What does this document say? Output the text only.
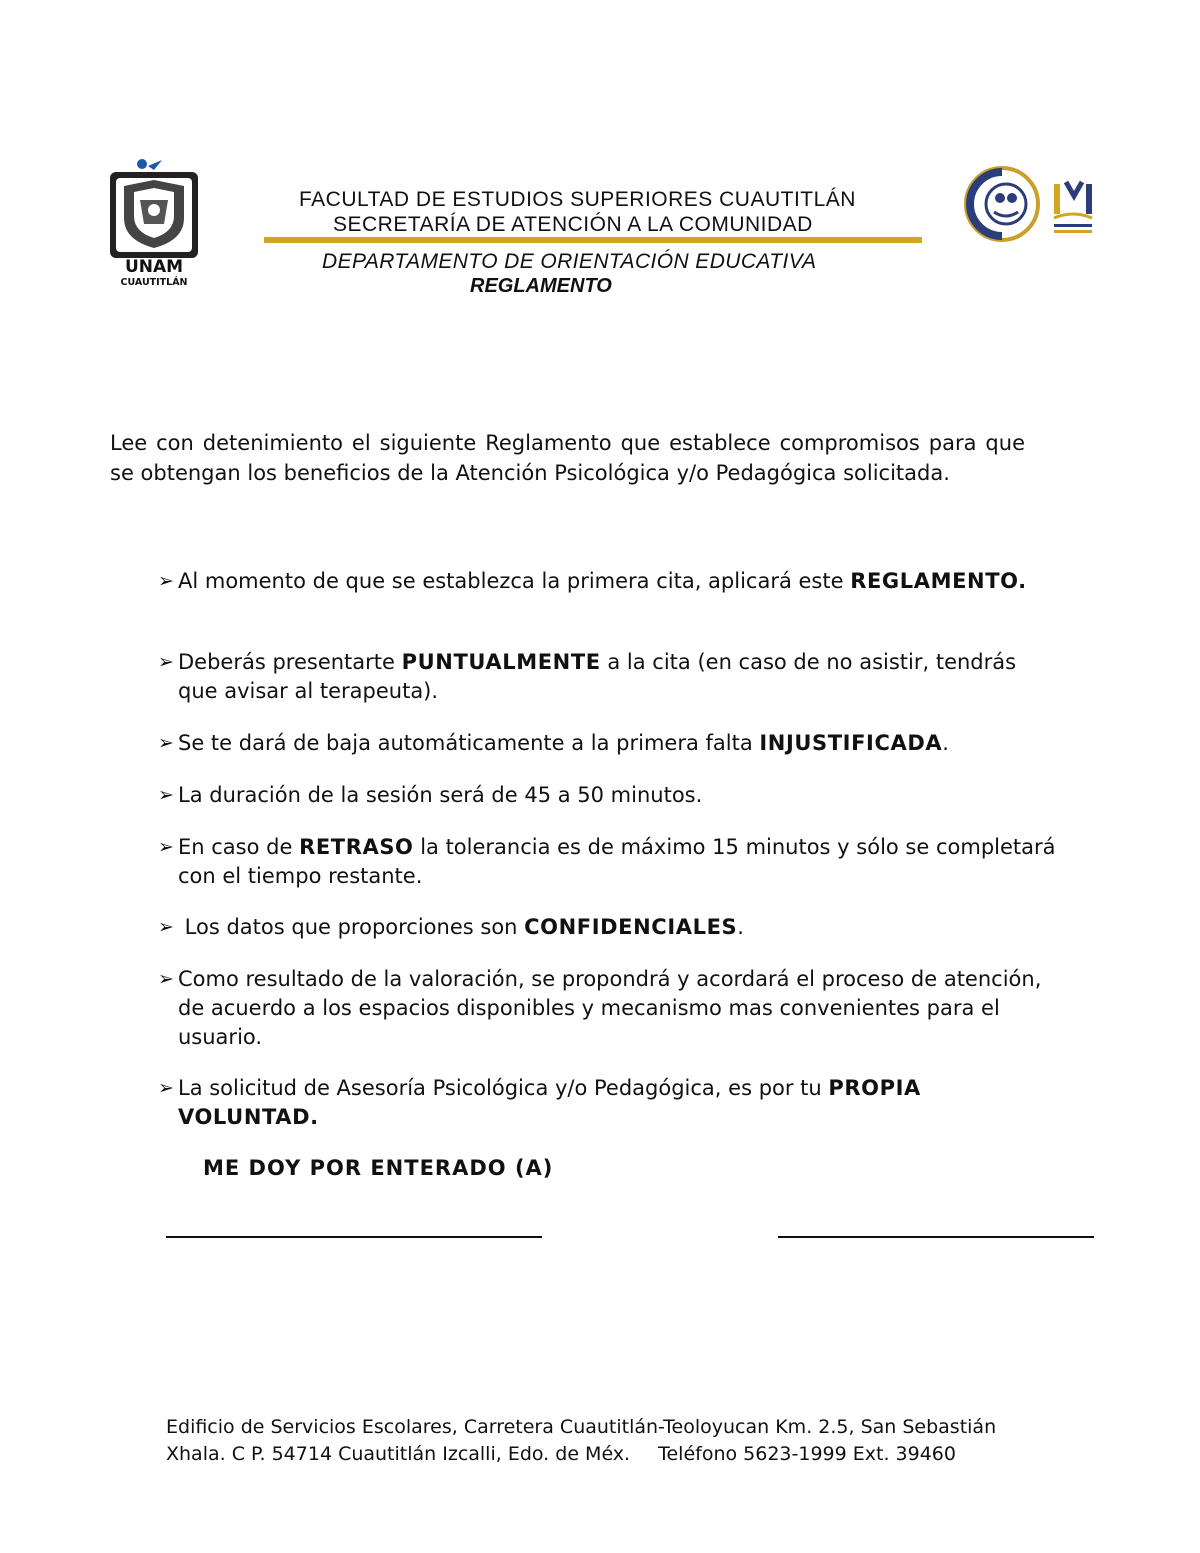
UNAM
CUAUTITLÁN
FACULTAD DE ESTUDIOS SUPERIORES CUAUTITLÁN
SECRETARÍA DE ATENCIÓN A LA COMUNIDAD
DEPARTAMENTO DE ORIENTACIÓN EDUCATIVA
REGLAMENTO
Lee con detenimiento el siguiente Reglamento que establece compromisos para que se obtengan los beneficios de la Atención Psicológica y/o Pedagógica solicitada.
➢ Al momento de que se establezca la primera cita, aplicará este REGLAMENTO.
➢ Deberás presentarte PUNTUALMENTE a la cita (en caso de no asistir, tendrás que avisar al terapeuta).
➢ Se te dará de baja automáticamente a la primera falta INJUSTIFICADA.
➢ La duración de la sesión será de 45 a 50 minutos.
➢ En caso de RETRASO la tolerancia es de máximo 15 minutos y sólo se completará con el tiempo restante.
➢ Los datos que proporciones son CONFIDENCIALES.
➢ Como resultado de la valoración, se propondrá y acordará el proceso de atención, de acuerdo a los espacios disponibles y mecanismo mas convenientes para el usuario.
➢ La solicitud de Asesoría Psicológica y/o Pedagógica, es por tu PROPIA VOLUNTAD.
ME DOY POR ENTERADO (A)
Edificio de Servicios Escolares, Carretera Cuautitlán-Teoloyucan Km. 2.5, San Sebastián
Xhala. C P. 54714 Cuautitlán Izcalli, Edo. de Méx. Teléfono 5623-1999 Ext. 39460
